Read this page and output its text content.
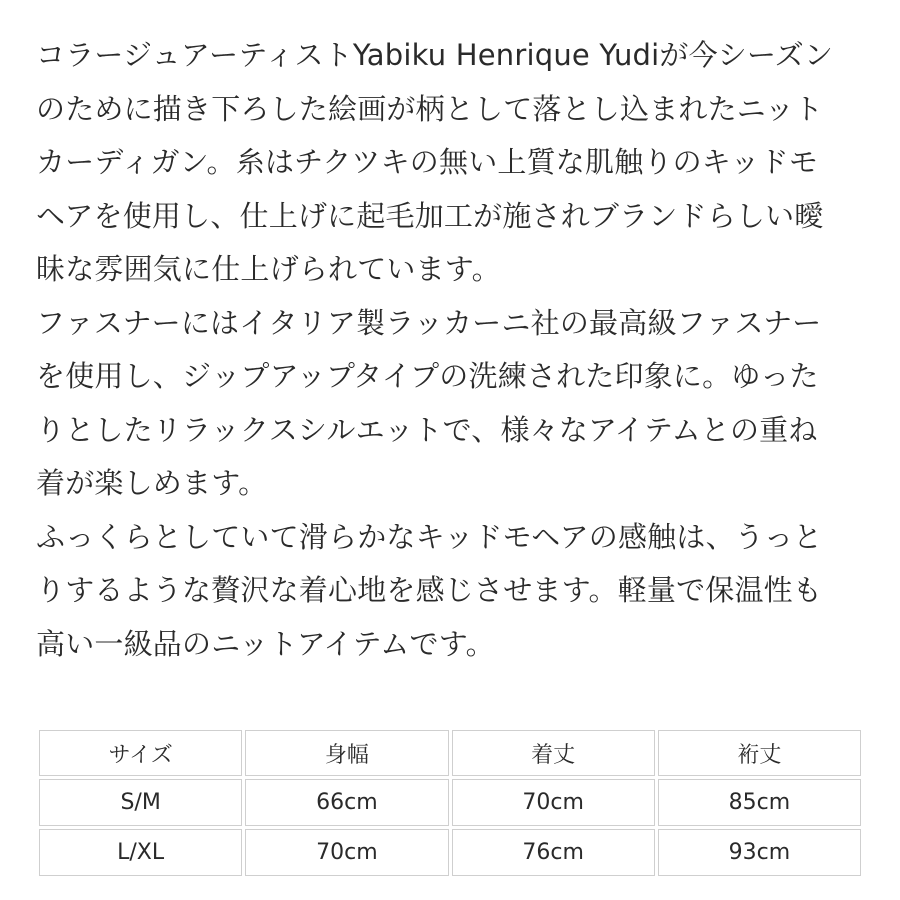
コラージュアーティストYabiku Henrique Yudiが今シーズン
のために描き下ろした絵画が柄として落とし込まれたニット
カーディガン。糸はチクツキの無い上質な肌触りのキッドモ
ヘアを使用し、仕上げに起毛加工が施されブランドらしい曖
昧な雰囲気に仕上げられています。
ファスナーにはイタリア製ラッカーニ社の最高級ファスナー
を使用し、ジップアップタイプの洗練された印象に。ゆった
りとしたリラックスシルエットで、様々なアイテムとの重ね
着が楽しめます。
ふっくらとしていて滑らかなキッドモヘアの感触は、うっと
りするような贅沢な着心地を感じさせます。軽量で保温性も
高い一級品のニットアイテムです。
サイズ	身幅	着丈	裄丈
S/M	66cm	70cm	85cm
L/XL	70cm	76cm	93cm
